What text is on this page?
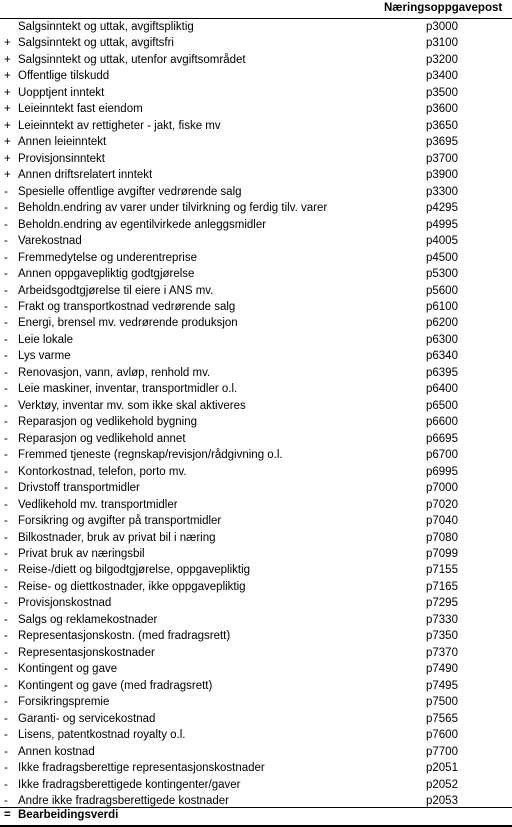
Næringsoppgavepost
Salgsinntekt og uttak, avgiftspliktig	p3000
+ Salgsinntekt og uttak, avgiftsfri	p3100
+ Salgsinntekt og uttak, utenfor avgiftsområdet	p3200
+ Offentlige tilskudd	p3400
+ Uopptjent inntekt	p3500
+ Leieinntekt fast eiendom	p3600
+ Leieinntekt av rettigheter - jakt, fiske mv	p3650
+ Annen leieinntekt	p3695
+ Provisjonsinntekt	p3700
+ Annen driftsrelatert inntekt	p3900
- Spesielle offentlige avgifter vedrørende salg	p3300
- Beholdn.endring av varer under tilvirkning og ferdig tilv. varer	p4295
- Beholdn.endring av egentilvirkede anleggsmidler	p4995
- Varekostnad	p4005
- Fremmedytelse og underentreprise	p4500
- Annen oppgavepliktig godtgjørelse	p5300
- Arbeidsgodtgjørelse til eiere i ANS mv.	p5600
- Frakt og transportkostnad vedrørende salg	p6100
- Energi, brensel mv. vedrørende produksjon	p6200
- Leie lokale	p6300
- Lys varme	p6340
- Renovasjon, vann, avløp, renhold mv.	p6395
- Leie maskiner, inventar, transportmidler o.l.	p6400
- Verktøy, inventar mv. som ikke skal aktiveres	p6500
- Reparasjon og vedlikehold bygning	p6600
- Reparasjon og vedlikehold annet	p6695
- Fremmed tjeneste (regnskap/revisjon/rådgivning o.l.	p6700
- Kontorkostnad, telefon, porto mv.	p6995
- Drivstoff transportmidler	p7000
- Vedlikehold mv. transportmidler	p7020
- Forsikring og avgifter på transportmidler	p7040
- Bilkostnader, bruk av privat bil i næring	p7080
- Privat bruk av næringsbil	p7099
- Reise-/diett og bilgodtgjørelse, oppgavepliktig	p7155
- Reise- og diettkostnader, ikke oppgavepliktig	p7165
- Provisjonskostnad	p7295
- Salgs og reklamekostnader	p7330
- Representasjonskostn. (med fradragsrett)	p7350
- Representasjonskostnader	p7370
- Kontingent og gave	p7490
- Kontingent og gave (med fradragsrett)	p7495
- Forsikringspremie	p7500
- Garanti- og servicekostnad	p7565
- Lisens, patentkostnad royalty o.l.	p7600
- Annen kostnad	p7700
- Ikke fradragsberettige representasjonskostnader	p2051
- Ikke fradragsberettigede kontingenter/gaver	p2052
- Andre ikke fradragsberettigede kostnader	p2053
= Bearbeidingsverdi
